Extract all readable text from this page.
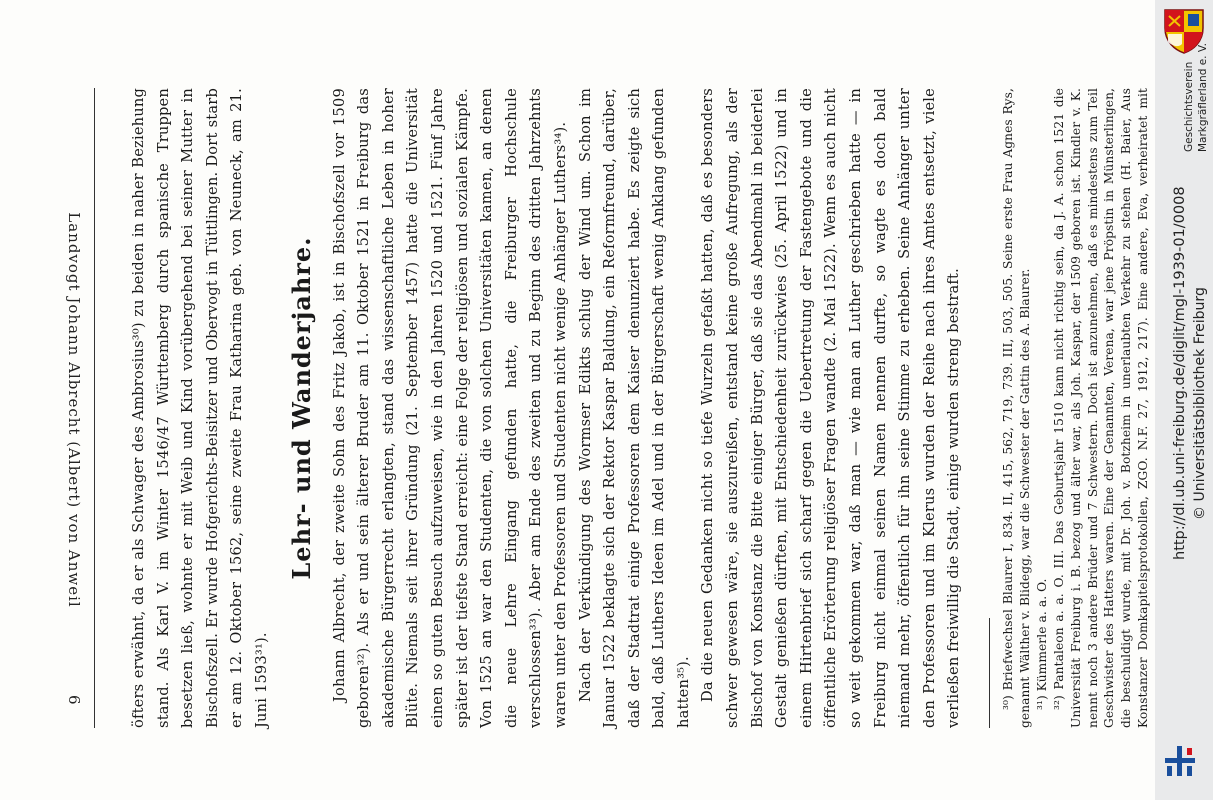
öfters erwähnt, da er als Schwager des Ambrosius³⁰) zu beiden in naher Beziehung stand. Als Karl V. im Winter 1546/47 Württemberg durch spanische Truppen besetzen ließ, wohnte er mit Weib und Kind vorübergehend bei seiner Mutter in Bischofszell. Er wurde Hofgerichts-Beisitzer und Obervogt in Tüttlingen. Dort starb er am 12. Oktober 1562, seine zweite Frau Katharina geb. von Neuneck, am 21. Juni 1593³¹).

Lehr- und Wanderjahre. Johann Albrecht, der zweite Sohn des Fritz Jakob, ist in Bischofszell vor 1509 geboren³²). Als er und sein älterer Bruder am 11. Oktober 1521 in Freiburg das akademische Bürgerrecht erlangten, stand das wissenschaftliche Leben in hoher Blüte. Niemals seit ihrer Gründung (21. September 1457) hatte die Universität einen so guten Besuch aufzuweisen, wie in den Jahren 1520 und 1521. Fünf Jahre später ist der tiefste Stand erreicht: eine Folge der religiösen und sozialen Kämpfe. Von 1525 an war den Studenten, die von solchen Universitäten kamen, an denen die neue Lehre Eingang gefunden hatte, die Freiburger Hochschule verschlossen³³). Aber am Ende des zweiten und zu Beginn des dritten Jahrzehnts waren unter den Professoren und Studenten nicht wenige Anhänger Luthers³⁴). Nach der Verkündigung des Wormser Edikts schlug der Wind um. Schon im Januar 1522 beklagte sich der Rektor Kaspar Baldung, ein Reformfreund, darüber, daß der Stadtrat einige Professoren dem Kaiser denunziert habe. Es zeigte sich bald, daß Luthers Ideen im Adel und in der Bürgerschaft wenig Anklang gefunden hatten³⁵). Da die neuen Gedanken nicht so tiefe Wurzeln gefaßt hatten, daß es besonders schwer gewesen wäre, sie auszureißen, entstand keine große Aufregung, als der Bischof von Konstanz die Bitte einiger Bürger, daß sie das Abendmahl in beiderlei Gestalt genießen dürften, mit Entschiedenheit zurückwies (25. April 1522) und in einem Hirtenbrief sich scharf gegen die Uebertretung der Fastengebote und die öffentliche Erörterung religiöser Fragen wandte (2. Mai 1522). Wenn es auch nicht so weit gekommen war, daß man — wie man an Luther geschrieben hatte — in Freiburg nicht einmal seinen Namen nennen durfte, so wagte es doch bald niemand mehr, öffentlich für ihn seine Stimme zu erheben. Seine Anhänger unter den Professoren und im Klerus wurden der Reihe nach ihres Amtes entsetzt, viele verließen freiwillig die Stadt, einige wurden streng bestraft.	³⁰) Briefwechsel Blaurer I, 834. II, 415, 562, 719, 739. III, 503, 505. Seine erste Frau Agnes Rys, genannt Wälther v. Blidegg, war die Schwester der Gattin des A. Blaurer. ³¹) Kümmerle a. a. O. ³²) Pantaleon a. a. O. III. Das Geburtsjahr 1510 kann nicht richtig sein, da J. A. schon 1521 die Universität Freiburg i. B. bezog und älter war, als Joh. Kaspar, der 1509 geboren ist. Kindler v. K. nennt noch 3 andere Brüder und 7 Schwestern. Doch ist anzunehmen, daß es mindestens zum Teil Geschwister des Hatters waren. Eine der Genannten, Verena, war jene Pröpstin in Münsterlingen, die beschuldigt wurde, mit Dr. Joh. v. Botzheim in unerlaubten Verkehr zu stehen (H. Baier, Aus Konstanzer Domkapitelsprotokollen, ZGO. N.F. 27, 1912, 217). Eine andere, Eva, verheiratet mit

Landvogt Johann Albrecht (Albert) von Anweil
6
http://dl.ub.uni-freiburg.de/diglit/mgl-1939-01/0008 © Universitätsbibliothek Freiburg
Geschichtsverein Markgräflerland e. V.
